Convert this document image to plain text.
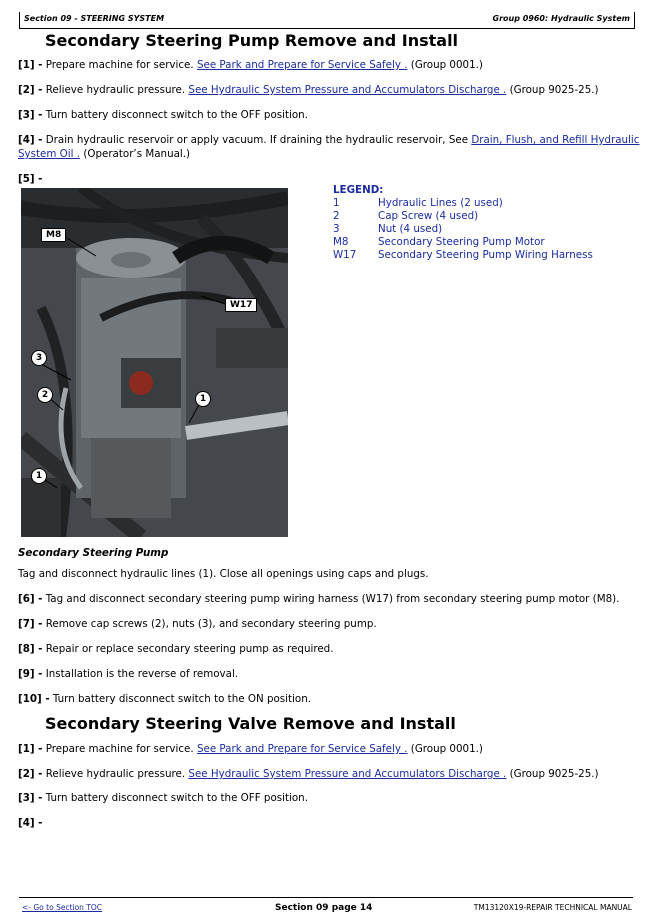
Section 09 - STEERING SYSTEM	Group 0960: Hydraulic System
Secondary Steering Pump Remove and Install
[1] - Prepare machine for service. See Park and Prepare for Service Safely . (Group 0001.)
[2] - Relieve hydraulic pressure. See Hydraulic System Pressure and Accumulators Discharge . (Group 9025-25.)
[3] - Turn battery disconnect switch to the OFF position.
[4] - Drain hydraulic reservoir or apply vacuum. If draining the hydraulic reservoir, See Drain, Flush, and Refill Hydraulic
System Oil . (Operator’s Manual.)
[5] -
M8
W17
3
2	1
1
LEGEND:
1	Hydraulic Lines (2 used)
2	Cap Screw (4 used)
3	Nut (4 used)
M8	Secondary Steering Pump Motor
W17 Secondary Steering Pump Wiring Harness
Secondary Steering Pump
Tag and disconnect hydraulic lines (1). Close all openings using caps and plugs.
[6] - Tag and disconnect secondary steering pump wiring harness (W17) from secondary steering pump motor (M8).
[7] - Remove cap screws (2), nuts (3), and secondary steering pump.
[8] - Repair or replace secondary steering pump as required.
[9] - Installation is the reverse of removal.
[10] - Turn battery disconnect switch to the ON position.
Secondary Steering Valve Remove and Install
[1] - Prepare machine for service. See Park and Prepare for Service Safely . (Group 0001.)
[2] - Relieve hydraulic pressure. See Hydraulic System Pressure and Accumulators Discharge . (Group 9025-25.)
[3] - Turn battery disconnect switch to the OFF position.
[4] -
<- Go to Section TOC	Section 09 page 14	TM13120X19-REPAIR TECHNICAL MANUAL
